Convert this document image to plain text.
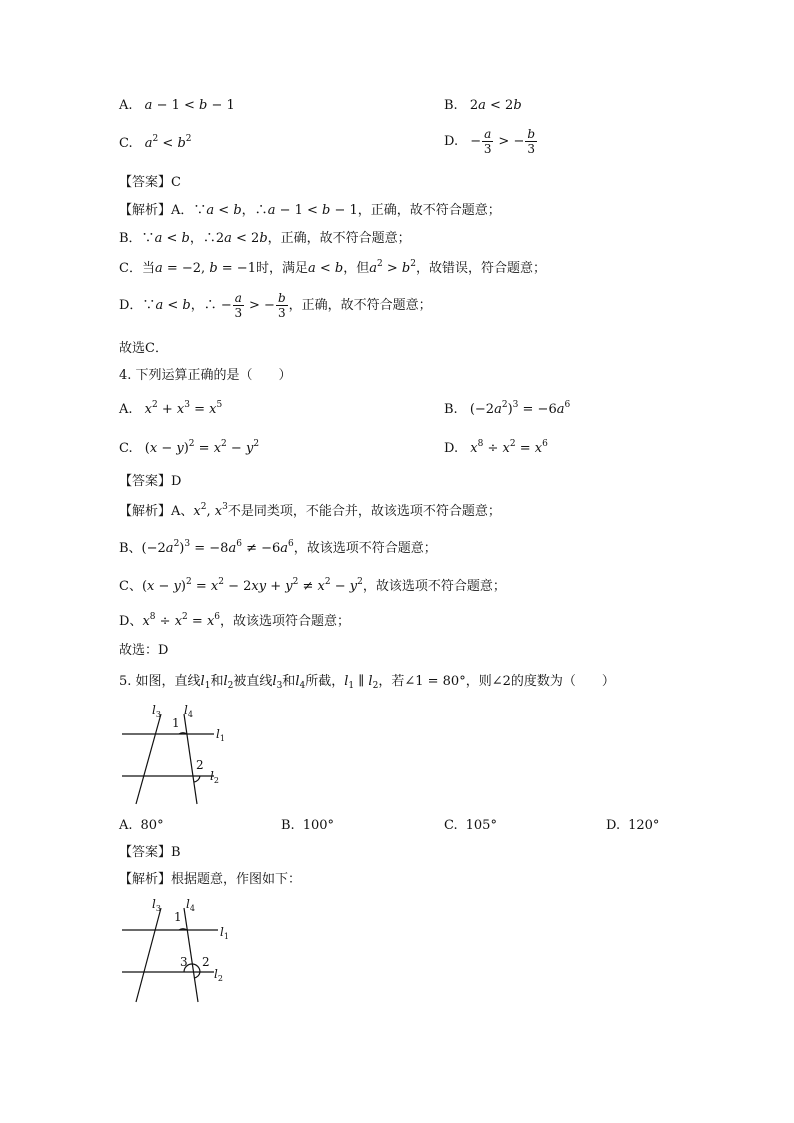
A. a − 1 < b − 1	B. 2a < 2b
C. $a^2 < b^2$	D. − $\frac{a}{3}$ > − $\frac{b}{3}$
【答案】C
【解析】A．∵a < b，∴a − 1 < b − 1，正确，故不符合题意；
B．∵a < b，∴2a < 2b，正确，故不符合题意；
C．当a = −2, b = −1时，满足a < b，但$a^2 > b^2$，故错误，符合题意；
D．∵a < b，∴ − $\frac{a}{3}$ > − $\frac{b}{3}$ ，正确，故不符合题意；
故选C．
4. 下列运算正确的是（　　）
A. $x^2 + x^3 = x^5$	B. $(-2a^2)^3 = -6a^6$
C. $(x - y)^2 = x^2 - y^2$	D. $x^8 \div x^2 = x^6$
【答案】D
【解析】A、$x^2$, $x^3$不是同类项，不能合并，故该选项不符合题意；
B、$(-2a^2)^3 = -8a^6 \ne -6a^6$，故该选项不符合题意；
C、$(x - y)^2 = x^2 - 2xy + y^2 \ne x^2 - y^2$，故该选项不符合题意；
D、$x^8 \div x^2 = x^6$，故该选项符合题意；
故选：D
5. 如图，直线$l_1$和$l_2$被直线$l_3$和$l_4$所截，$l_1$ ∥ $l_2$，若∠1 = 80°，则∠2的度数为（　　）
$l_3$ $l_4$
$l_1$
$l_2$
1
2
A. 80°	B. 100°	C. 105°	D. 120°
【答案】B
【解析】根据题意，作图如下：
$l_3$ $l_4$
$l_1$
$l_2$
1
3 2
